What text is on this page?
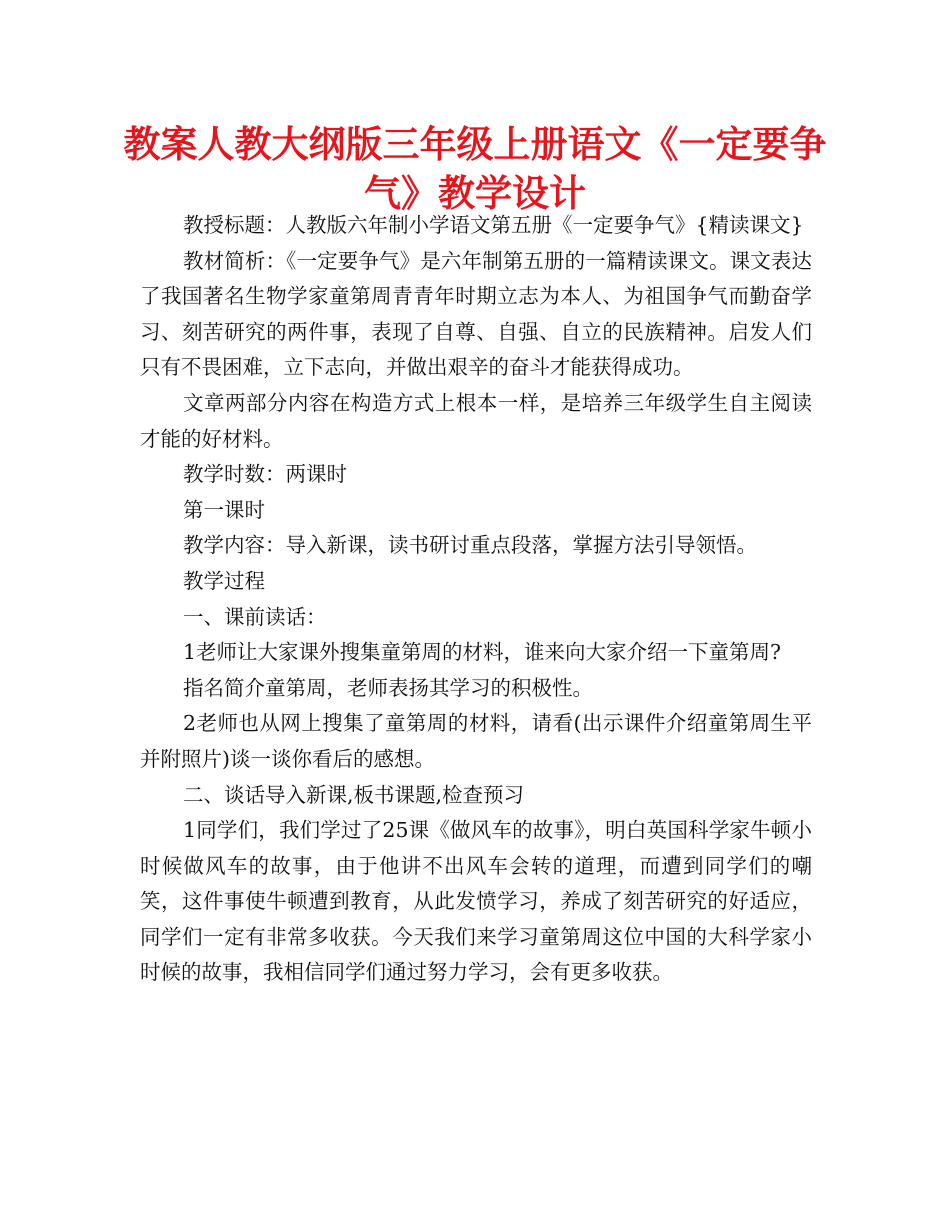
教案人教大纲版三年级上册语文《一定要争气》教学设计

教授标题：人教版六年制小学语文第五册《一定要争气》{精读课文}

教材简析：《一定要争气》是六年制第五册的一篇精读课文。课文表达了我国著名生物学家童第周青青年时期立志为本人、为祖国争气而勤奋学习、刻苦研究的两件事，表现了自尊、自强、自立的民族精神。启发人们只有不畏困难，立下志向，并做出艰辛的奋斗才能获得成功。

文章两部分内容在构造方式上根本一样，是培养三年级学生自主阅读才能的好材料。

教学时数：两课时

第一课时

教学内容：导入新课，读书研讨重点段落，掌握方法引导领悟。

教学过程

一、课前读话：

1老师让大家课外搜集童第周的材料，谁来向大家介绍一下童第周?

指名简介童第周，老师表扬其学习的积极性。

2老师也从网上搜集了童第周的材料，请看(出示课件介绍童第周生平并附照片)谈一谈你看后的感想。

二、谈话导入新课,板书课题,检查预习

1同学们，我们学过了25课《做风车的故事》，明白英国科学家牛顿小时候做风车的故事，由于他讲不出风车会转的道理，而遭到同学们的嘲笑，这件事使牛顿遭到教育，从此发愤学习，养成了刻苦研究的好适应，同学们一定有非常多收获。今天我们来学习童第周这位中国的大科学家小时候的故事，我相信同学们通过努力学习，会有更多收获。
